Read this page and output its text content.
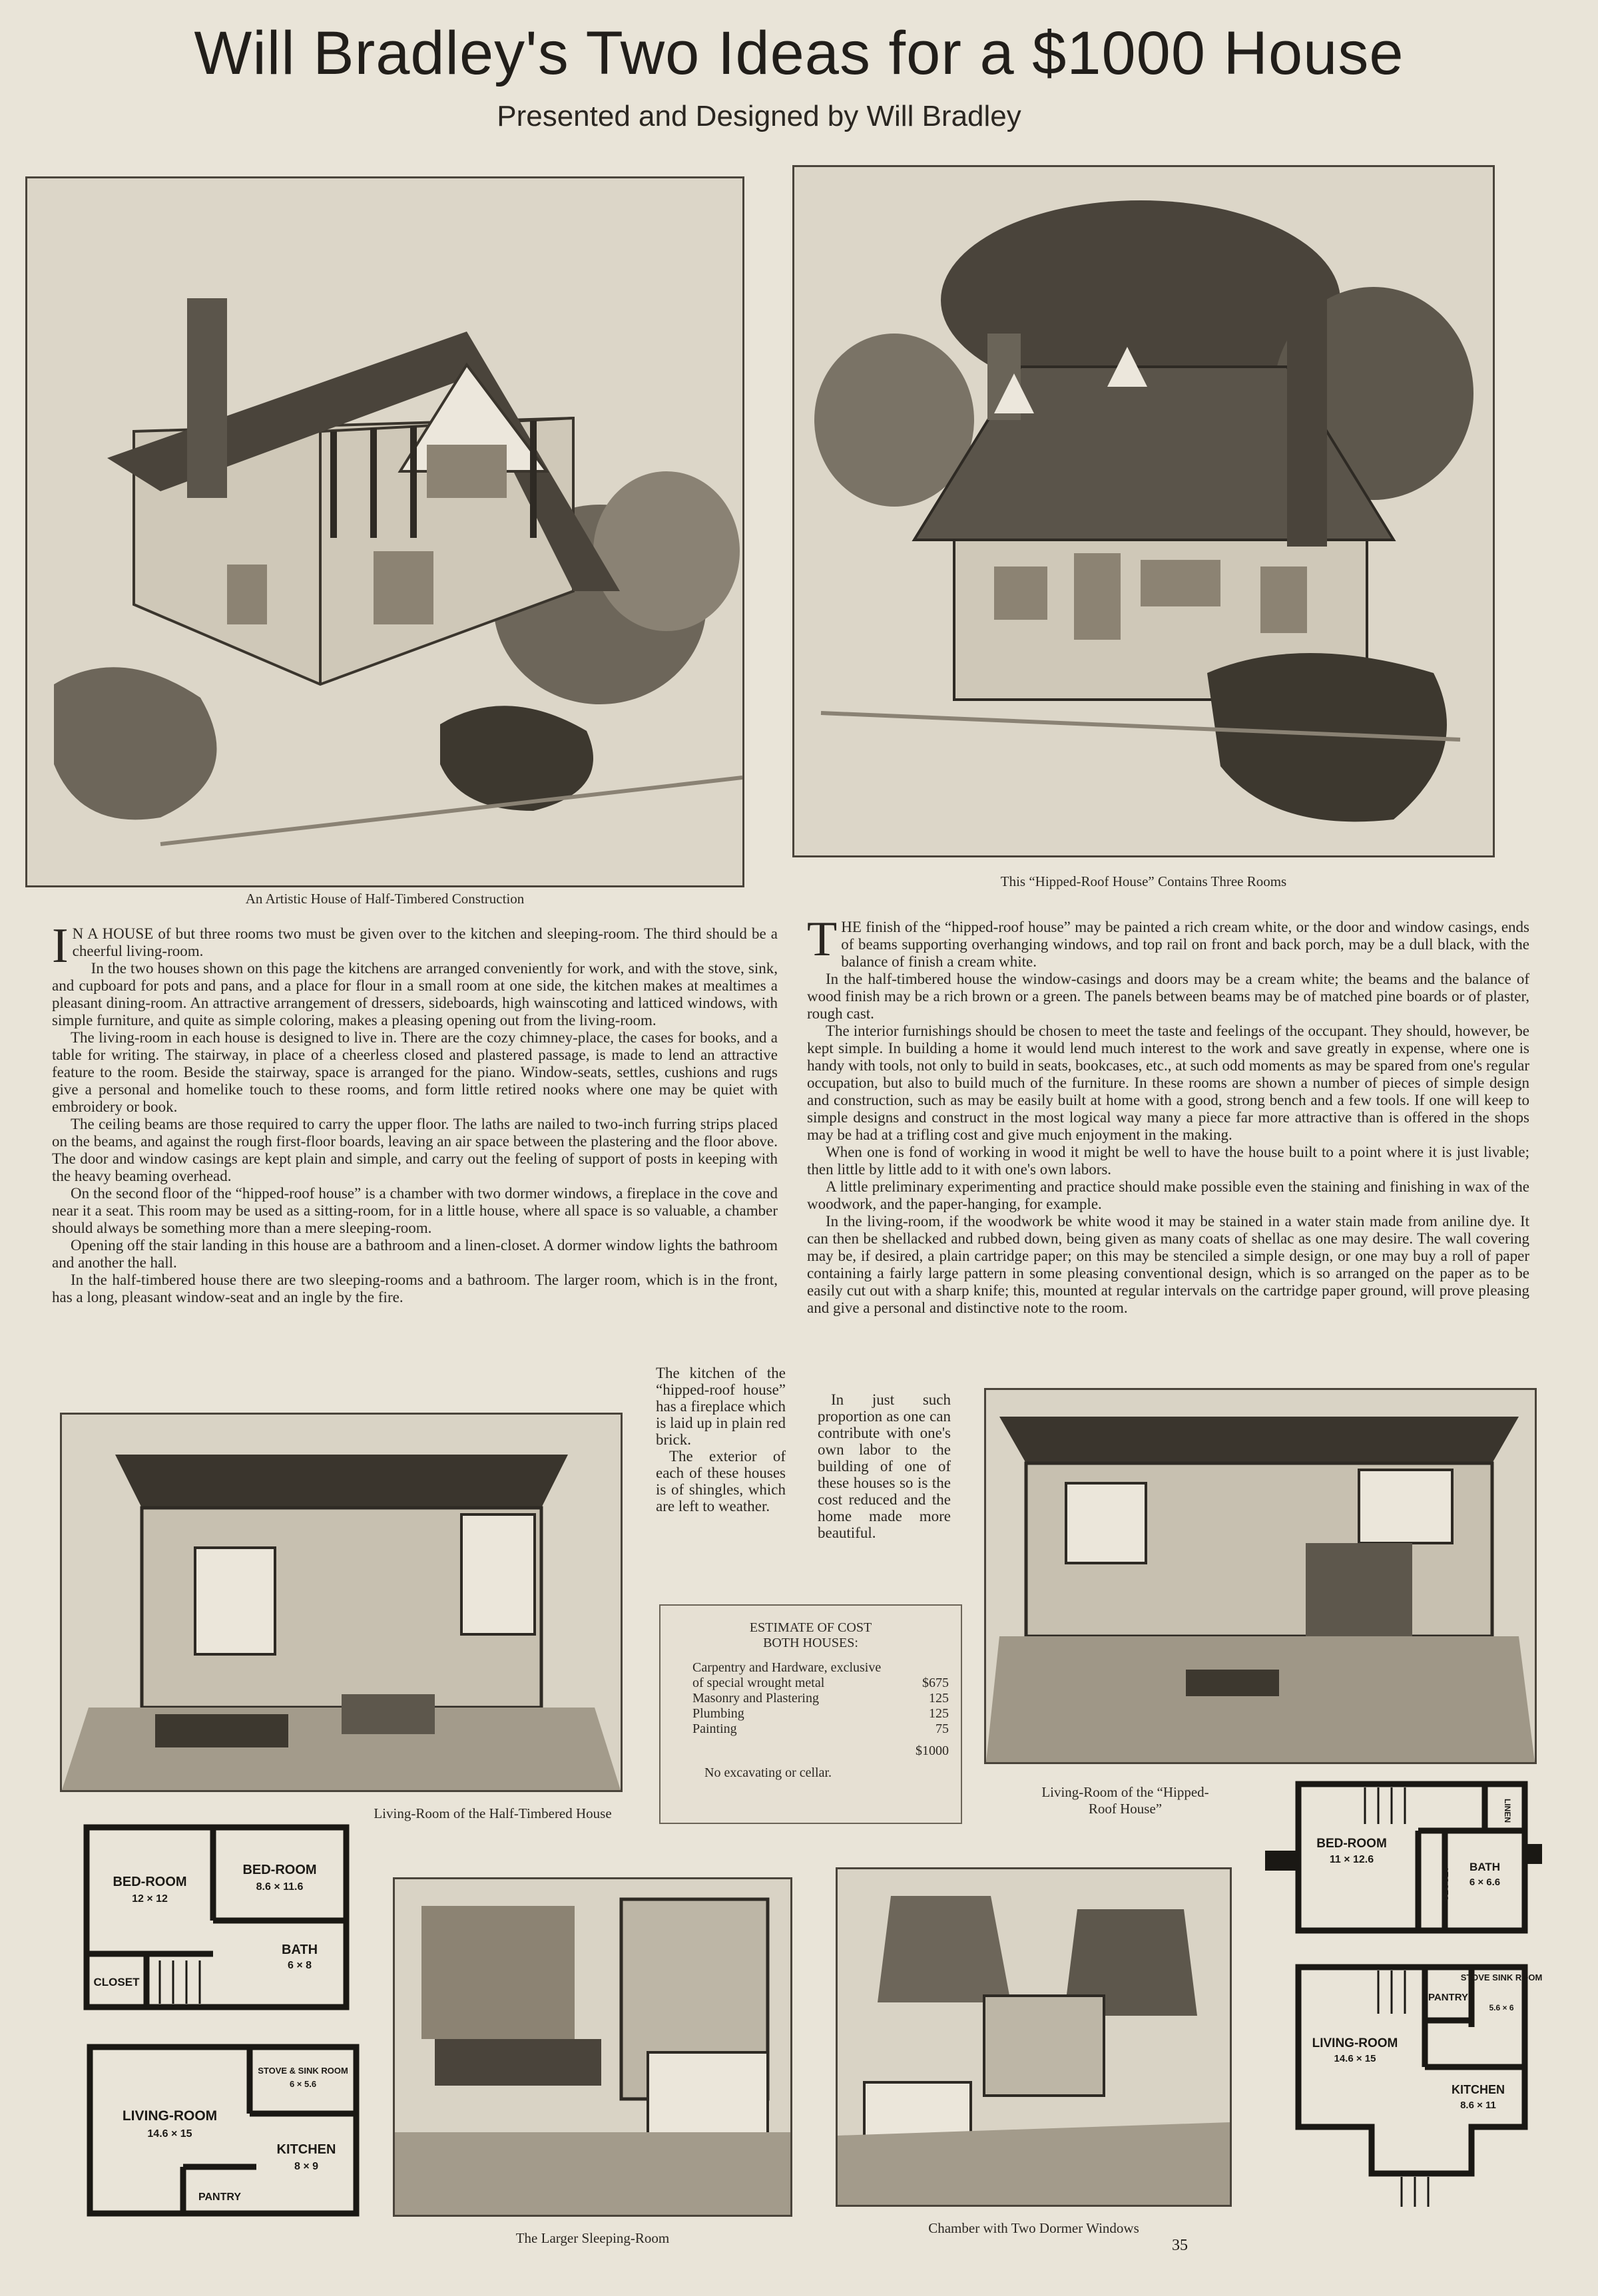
Will Bradley's Two Ideas for a $1000 House
Presented and Designed by Will Bradley
An Artistic House of Half-Timbered Construction
This “Hipped-Roof House” Contains Three Rooms
I N A HOUSE of but three rooms two must be given over to the kitchen and sleeping-room. The third should be a cheerful living-room.

In the two houses shown on this page the kitchens are arranged conveniently for work, and with the stove, sink, and cupboard for pots and pans, and a place for flour in a small room at one side, the kitchen makes at mealtimes a pleasant dining-room. An attractive arrangement of dressers, sideboards, high wainscoting and latticed windows, with simple furniture, and quite as simple coloring, makes a pleasing opening out from the living-room.

The living-room in each house is designed to live in. There are the cozy chimney-place, the cases for books, and a table for writing. The stairway, in place of a cheerless closed and plastered passage, is made to lend an attractive feature to the room. Beside the stairway, space is arranged for the piano. Window-seats, settles, cushions and rugs give a personal and homelike touch to these rooms, and form little retired nooks where one may be quiet with embroidery or book.

The ceiling beams are those required to carry the upper floor. The laths are nailed to two-inch furring strips placed on the beams, and against the rough first-floor boards, leaving an air space between the plastering and the floor above. The door and window casings are kept plain and simple, and carry out the feeling of support of posts in keeping with the heavy beaming overhead.

On the second floor of the “hipped-roof house” is a chamber with two dormer windows, a fireplace in the cove and near it a seat. This room may be used as a sitting-room, for in a little house, where all space is so valuable, a chamber should always be something more than a mere sleeping-room.

Opening off the stair landing in this house are a bathroom and a linen-closet. A dormer window lights the bathroom and another the hall.

In the half-timbered house there are two sleeping-rooms and a bathroom. The larger room, which is in the front, has a long, pleasant window-seat and an ingle by the fire.

The kitchen of the “hipped-roof house” has a fireplace which is laid up in plain red brick.

The exterior of each of these houses is of shingles, which are left to weather.

T HE finish of the “hipped-roof house” may be painted a rich cream white, or the door and window casings, ends of beams supporting overhanging windows, and top rail on front and back porch, may be a dull black, with the balance of finish a cream white.

In the half-timbered house the window-casings and doors may be a cream white; the beams and the balance of wood finish may be a rich brown or a green. The panels between beams may be of matched pine boards or of plaster, rough cast.

The interior furnishings should be chosen to meet the taste and feelings of the occupant. They should, however, be kept simple. In building a home it would lend much interest to the work and save greatly in expense, where one is handy with tools, not only to build in seats, bookcases, etc., at such odd moments as may be spared from one's regular occupation, but also to build much of the furniture. In these rooms are shown a number of pieces of simple design and construction, such as may be easily built at home with a good, strong bench and a few tools. If one will keep to simple designs and construct in the most logical way many a piece far more attractive than is offered in the shops may be had at a trifling cost and give much enjoyment in the making.

When one is fond of working in wood it might be well to have the house built to a point where it is just livable; then little by little add to it with one's own labors.

A little preliminary experimenting and practice should make possible even the staining and finishing in wax of the woodwork, and the paper-hanging, for example.

In the living-room, if the woodwork be white wood it may be stained in a water stain made from aniline dye. It can then be shellacked and rubbed down, being given as many coats of shellac as one may desire. The wall covering may be, if desired, a plain cartridge paper; on this may be stenciled a simple design, or one may buy a roll of paper containing a fairly large pattern in some pleasing conventional design, which is so arranged on the paper as to be easily cut out with a sharp knife; this, mounted at regular intervals on the cartridge paper ground, will prove pleasing and give a personal and distinctive note to the room.

In just such proportion as one can contribute with one's own labor to the building of one of these houses so is the cost reduced and the home made more beautiful.

Living-Room of the Half-Timbered House
ESTIMATE OF COST
BOTH HOUSES:
Carpentry and Hardware, exclusive of special wrought metal	$675
Masonry and Plastering	125
Plumbing	125
Painting	75
$1000
No excavating or cellar.
Living-Room of the “Hipped-Roof House”
The Larger Sleeping-Room
Chamber with Two Dormer Windows
35
BED-ROOM
12 × 12
BED-ROOM
8.6 × 11.6
BATH
6 × 8
CLOSET
STOVE & SINK ROOM
6 × 5.6
LIVING-ROOM
14.6 × 15
KITCHEN
8 × 9
PANTRY
BED-ROOM
11 × 12.6
CLOSET
LINEN
BATH
6 × 6.6
STOVE SINK ROOM
5.6 × 6
PANTRY
LIVING-ROOM
14.6 × 15
KITCHEN
8.6 × 11
